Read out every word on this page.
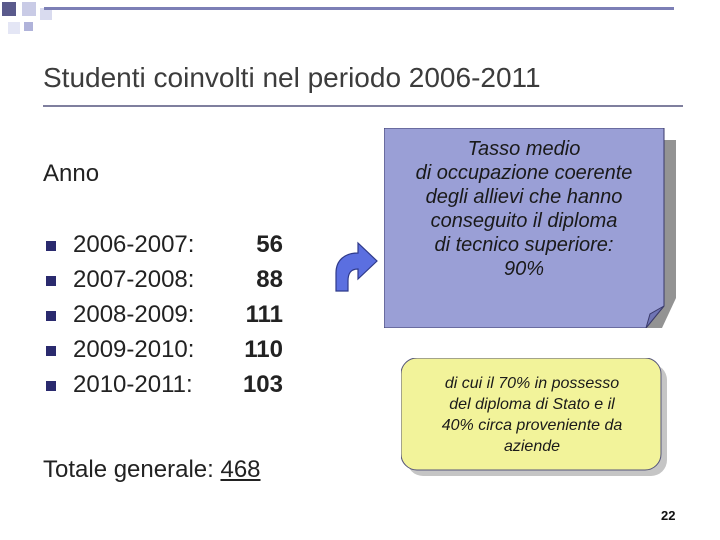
Studenti coinvolti nel periodo 2006-2011
Anno
2006-2007:	56
2007-2008:	88
2008-2009:	111
2009-2010:	110
2010-2011:	103
Totale generale: 468
Tasso medio
di occupazione coerente
degli allievi che hanno
conseguito il diploma
di tecnico superiore:
90%
di cui il 70% in possesso
del diploma di Stato e il
40% circa proveniente da
aziende
22
